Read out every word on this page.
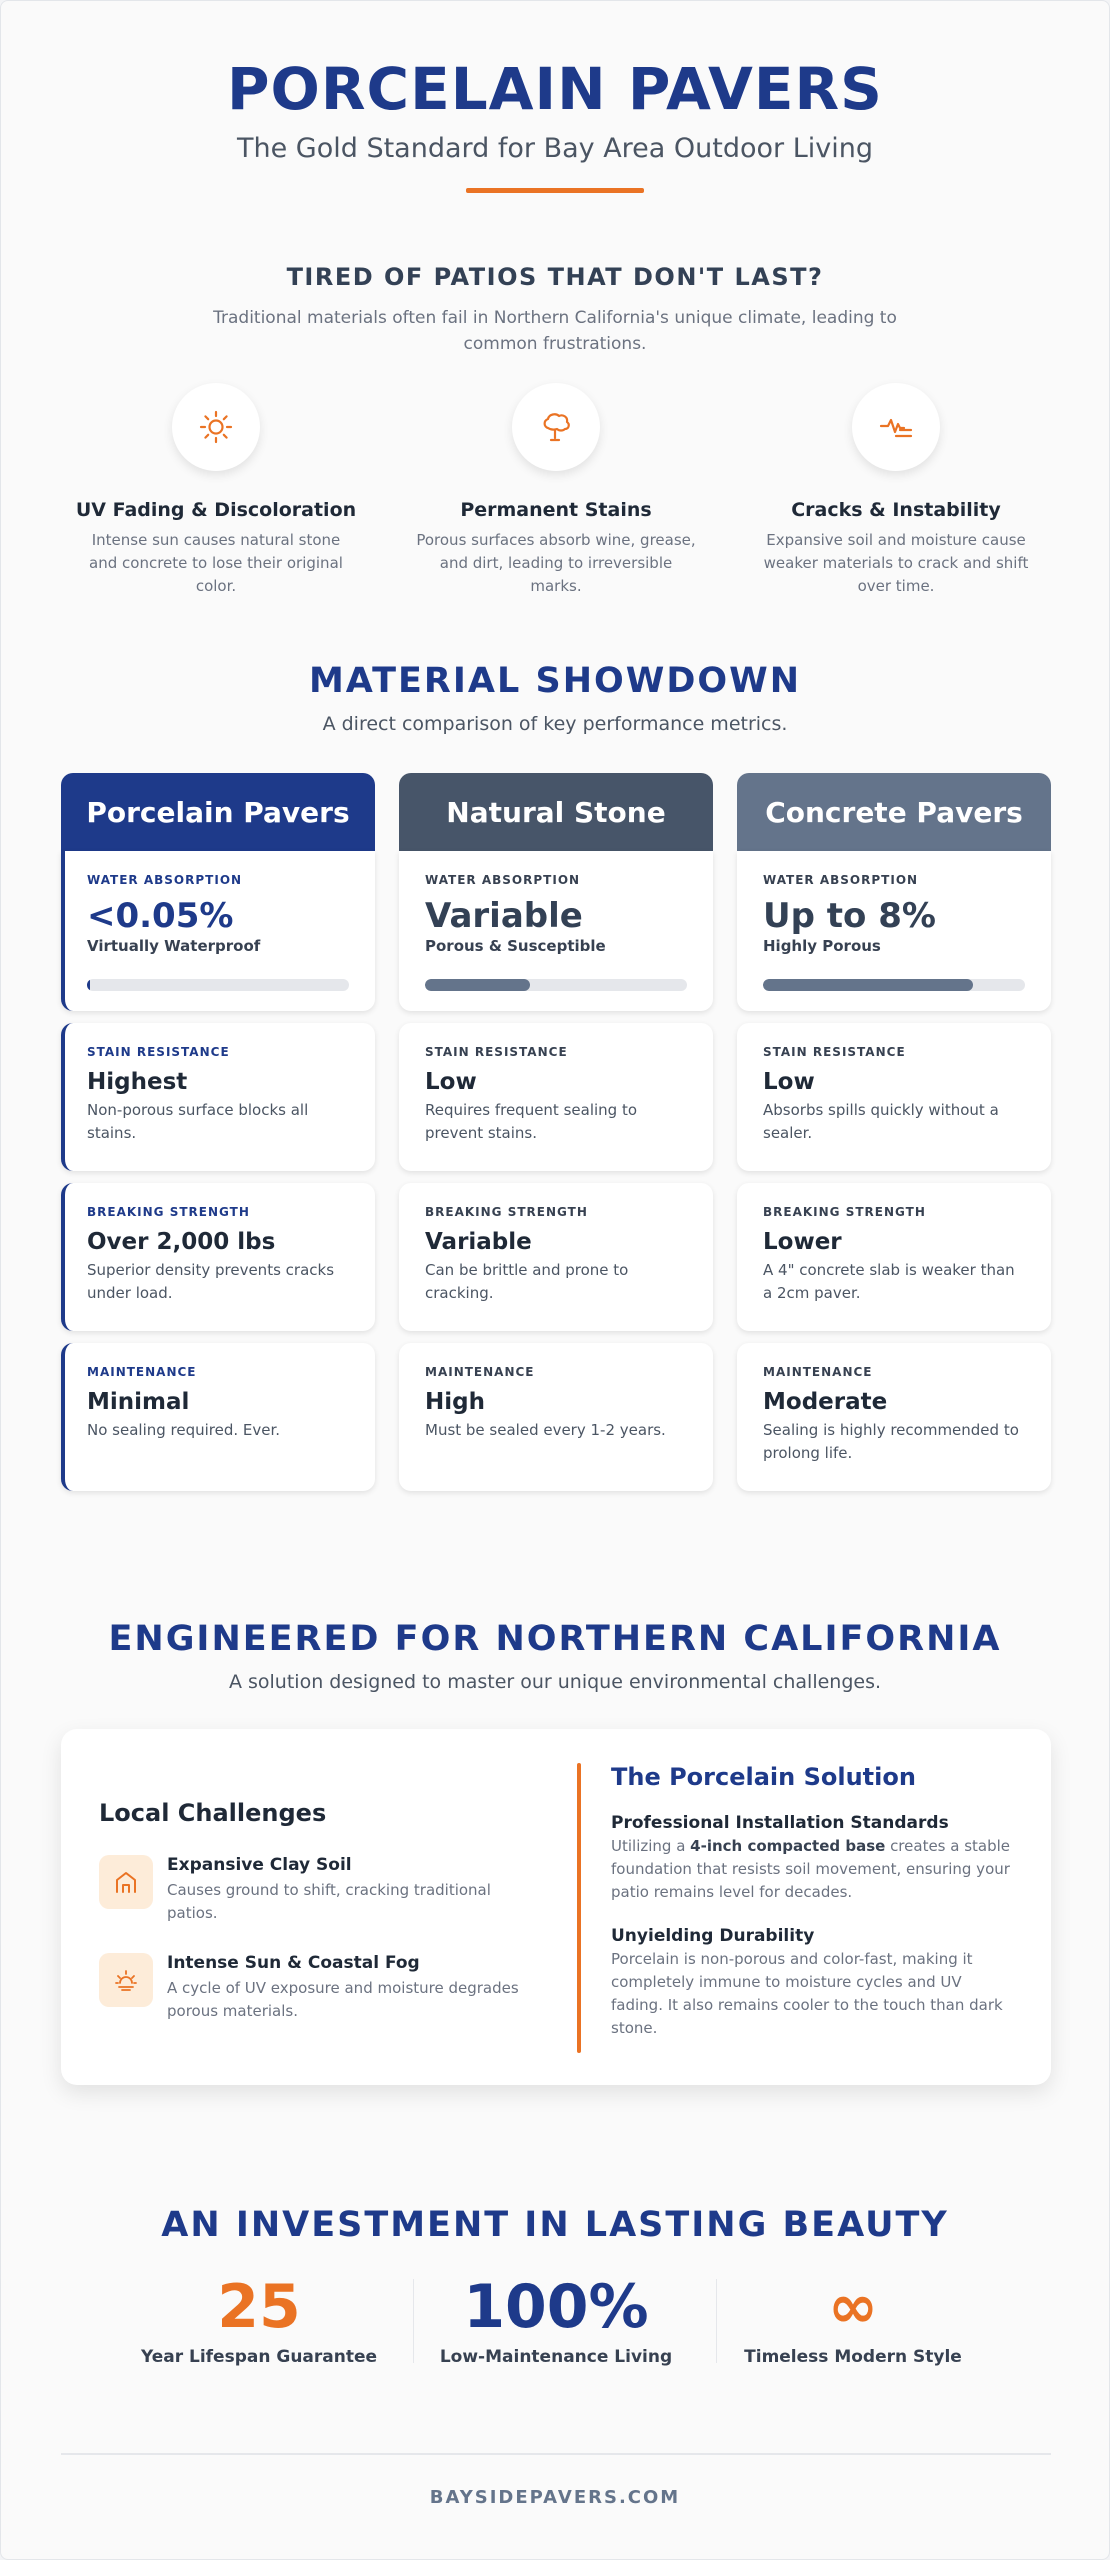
PORCELAIN PAVERS
The Gold Standard for Bay Area Outdoor Living
TIRED OF PATIOS THAT DON'T LAST?

Traditional materials often fail in Northern California's unique climate, leading to common frustrations.

UV Fading & Discoloration

Intense sun causes natural stone and concrete to lose their original color.

Permanent Stains

Porous surfaces absorb wine, grease, and dirt, leading to irreversible marks.

Cracks & Instability

Expansive soil and moisture cause weaker materials to crack and shift over time.

MATERIAL SHOWDOWN

A direct comparison of key performance metrics.

Porcelain Pavers
WATER ABSORPTION
<0.05%
Virtually Waterproof
STAIN RESISTANCE
Highest
Non-porous surface blocks all stains.
BREAKING STRENGTH
Over 2,000 lbs
Superior density prevents cracks under load.
MAINTENANCE
Minimal
No sealing required. Ever.
Natural Stone
WATER ABSORPTION
Variable
Porous & Susceptible
STAIN RESISTANCE
Low
Requires frequent sealing to prevent stains.
BREAKING STRENGTH
Variable
Can be brittle and prone to cracking.
MAINTENANCE
High
Must be sealed every 1-2 years.
Concrete Pavers
WATER ABSORPTION
Up to 8%
Highly Porous
STAIN RESISTANCE
Low
Absorbs spills quickly without a sealer.
BREAKING STRENGTH
Lower
A 4" concrete slab is weaker than a 2cm paver.
MAINTENANCE
Moderate
Sealing is highly recommended to prolong life.
ENGINEERED FOR NORTHERN CALIFORNIA

A solution designed to master our unique environmental challenges.

Local Challenges
Expansive Clay Soil

Causes ground to shift, cracking traditional patios.

Intense Sun & Coastal Fog

A cycle of UV exposure and moisture degrades porous materials.

The Porcelain Solution
Professional Installation Standards

Utilizing a 4-inch compacted base creates a stable foundation that resists soil movement, ensuring your patio remains level for decades.

Unyielding Durability

Porcelain is non-porous and color-fast, making it completely immune to moisture cycles and UV fading. It also remains cooler to the touch than dark stone.

AN INVESTMENT IN LASTING BEAUTY
25
Year Lifespan Guarantee
100%
Low-Maintenance Living
∞
Timeless Modern Style
BAYSIDEPAVERS.COM
